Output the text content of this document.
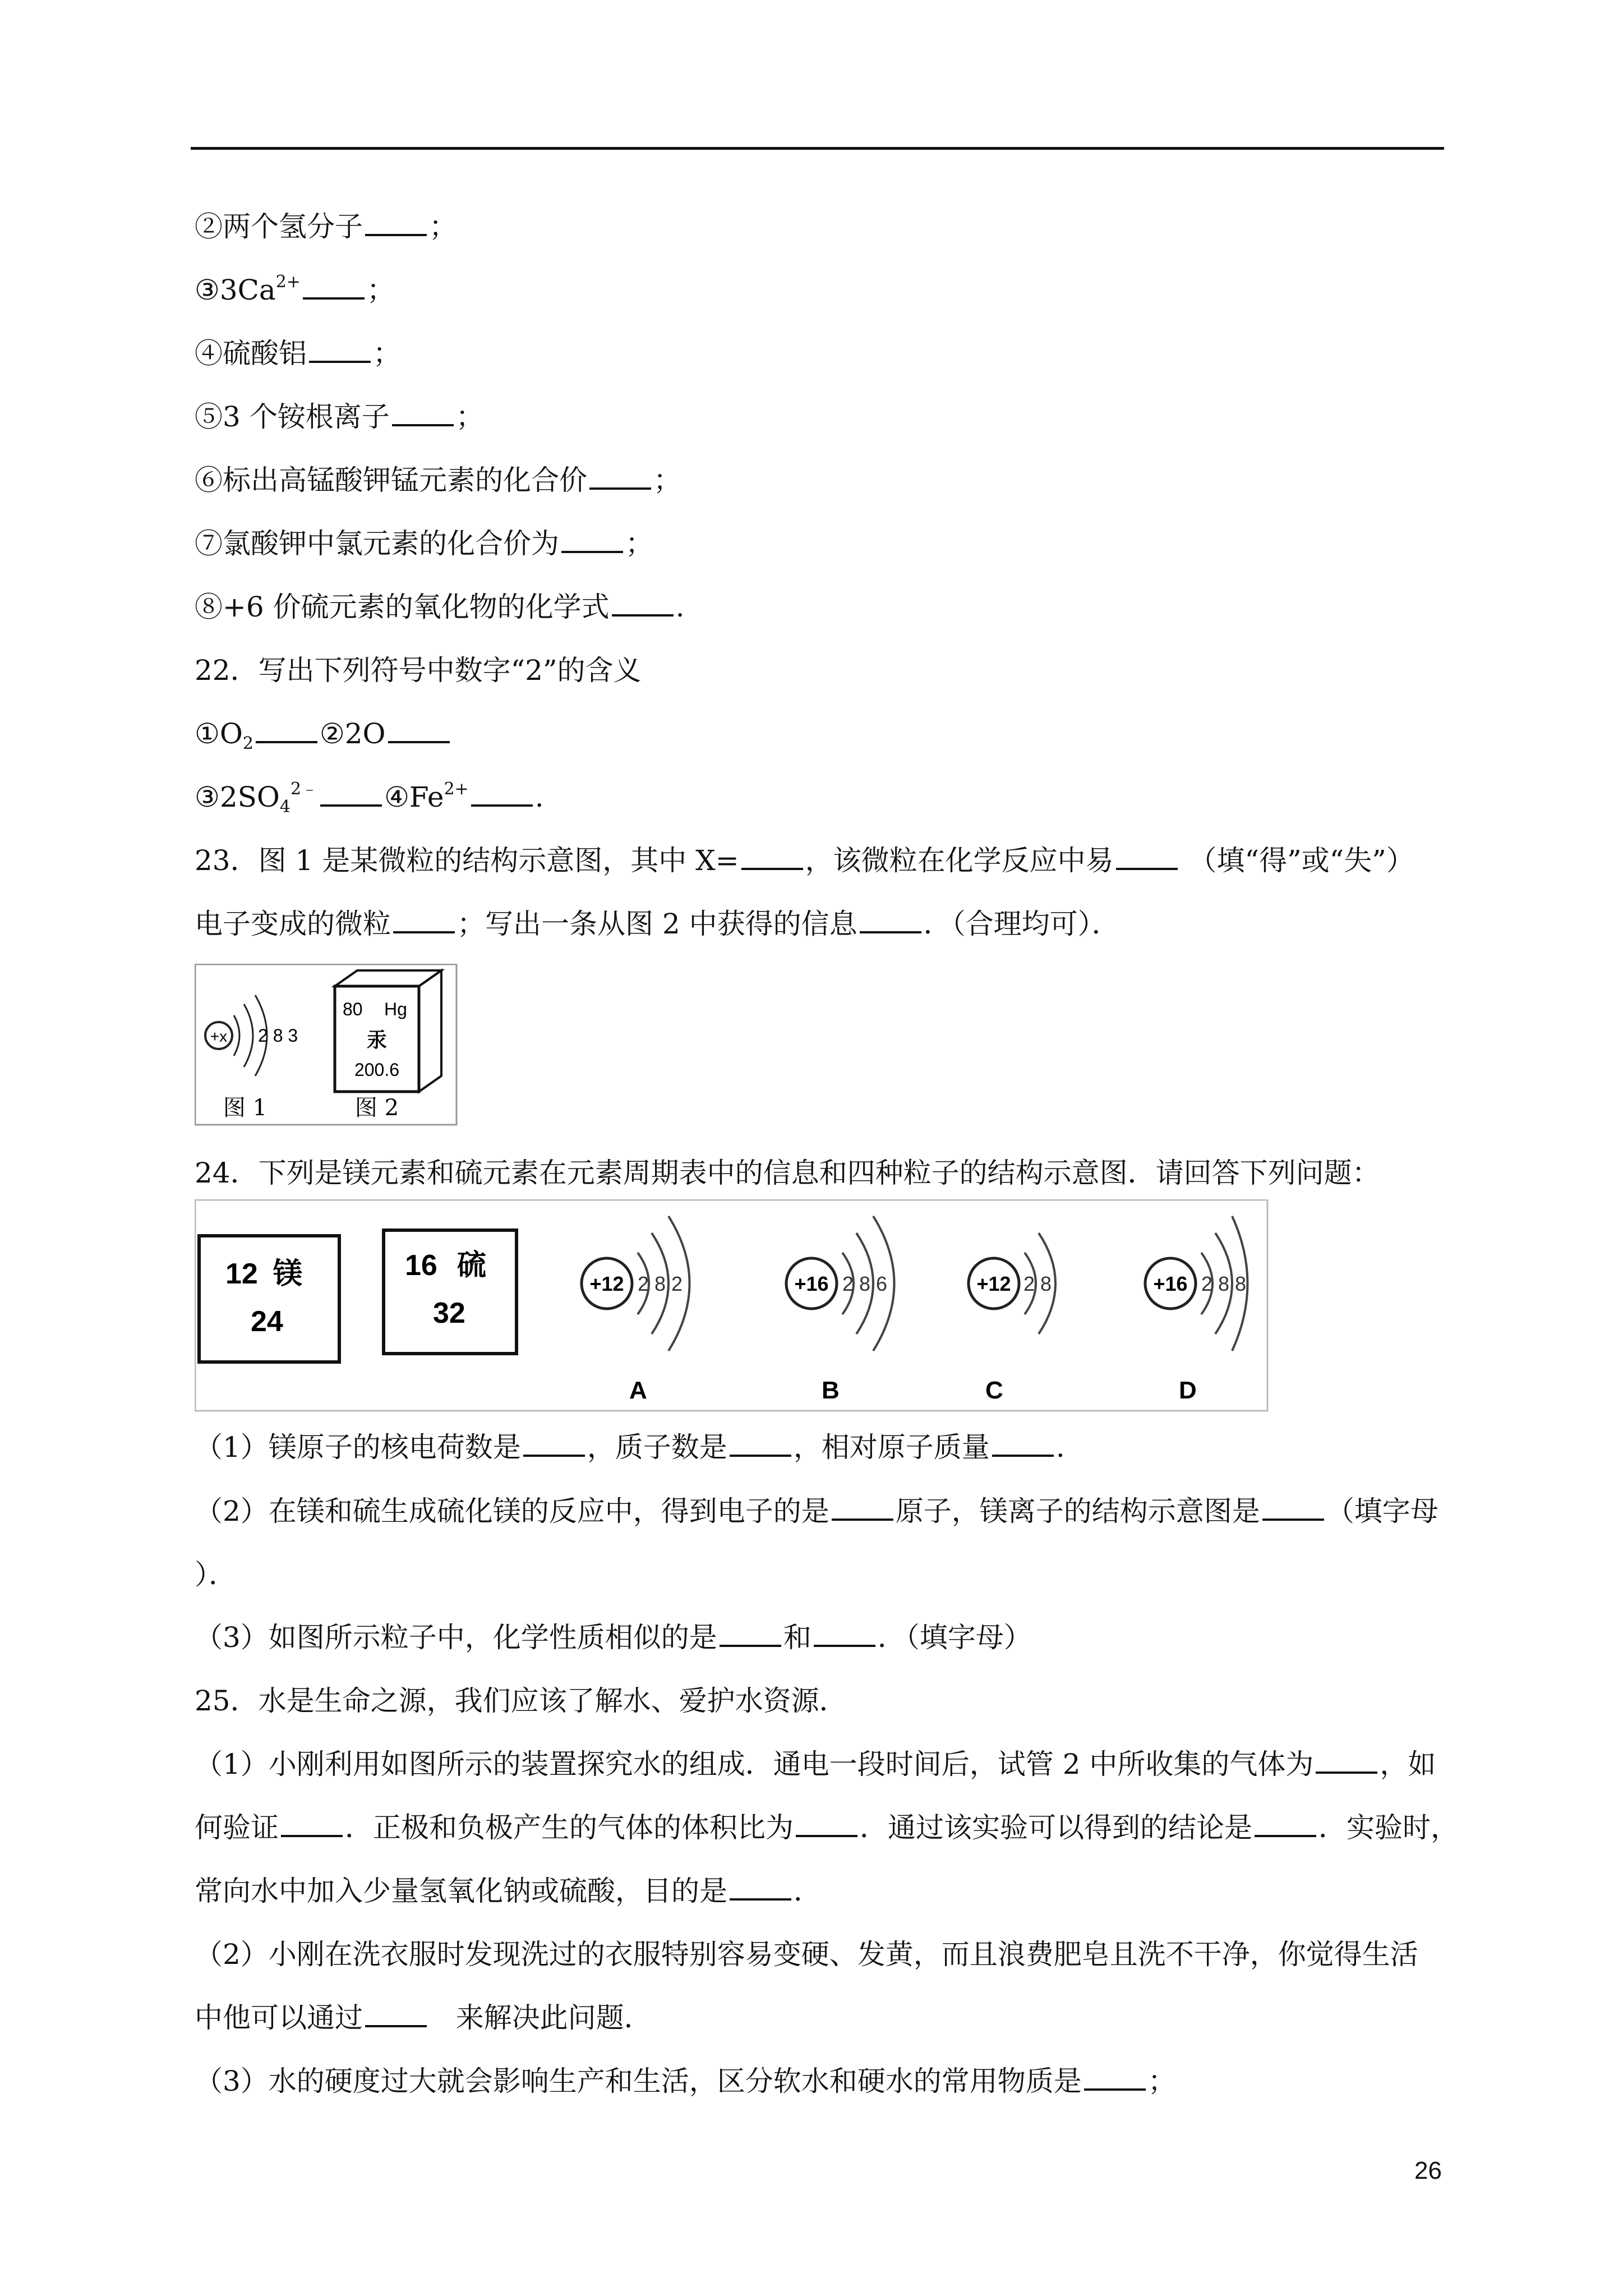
②两个氢分子 ；
$③3Ca^{2+}$ ；
④硫酸铝 ；
⑤3 个铵根离子 ；
⑥标出高锰酸钾锰元素的化合价 ；
⑦氯酸钾中氯元素的化合价为 ；
⑧+6 价硫元素的氧化物的化学式 .
22．写出下列符号中数字“2”的含义
$①O_2$ ②2O
$③2SO_4^{2﹣}$ $④Fe^{2+}$ .
23．图 1 是某微粒的结构示意图，其中 X= ，该微粒在化学反应中易	（填“得”或“失”）
电子变成的微粒 ；写出一条从图 2 中获得的信息 ．（合理均可）．
+x 2 8 3
图 1
80 Hg
汞
200.6
图 2
24．下列是镁元素和硫元素在元素周期表中的信息和四种粒子的结构示意图．请回答下列问题：
12 镁
24
16 硫
32
+12 2 8 2
A
+16 2 8 6
B
+12 2 8
C
+16 2 8 8
D
（1）镁原子的核电荷数是 ，质子数是 ，相对原子质量 .
（2）在镁和硫生成硫化镁的反应中，得到电子的是 原子，镁离子的结构示意图是 （填字母
）．
（3）如图所示粒子中，化学性质相似的是 和 ．（填字母）
25．水是生命之源，我们应该了解水、爱护水资源．
（1）小刚利用如图所示的装置探究水的组成．通电一段时间后，试管 2 中所收集的气体为 ，如
何验证 ．正极和负极产生的气体的体积比为 ．通过该实验可以得到的结论是 ．实验时，
常向水中加入少量氢氧化钠或硫酸，目的是 ．
（2）小刚在洗衣服时发现洗过的衣服特别容易变硬、发黄，而且浪费肥皂且洗不干净，你觉得生活
中他可以通过	来解决此问题．
（3）水的硬度过大就会影响生产和生活，区分软水和硬水的常用物质是 ；
26
